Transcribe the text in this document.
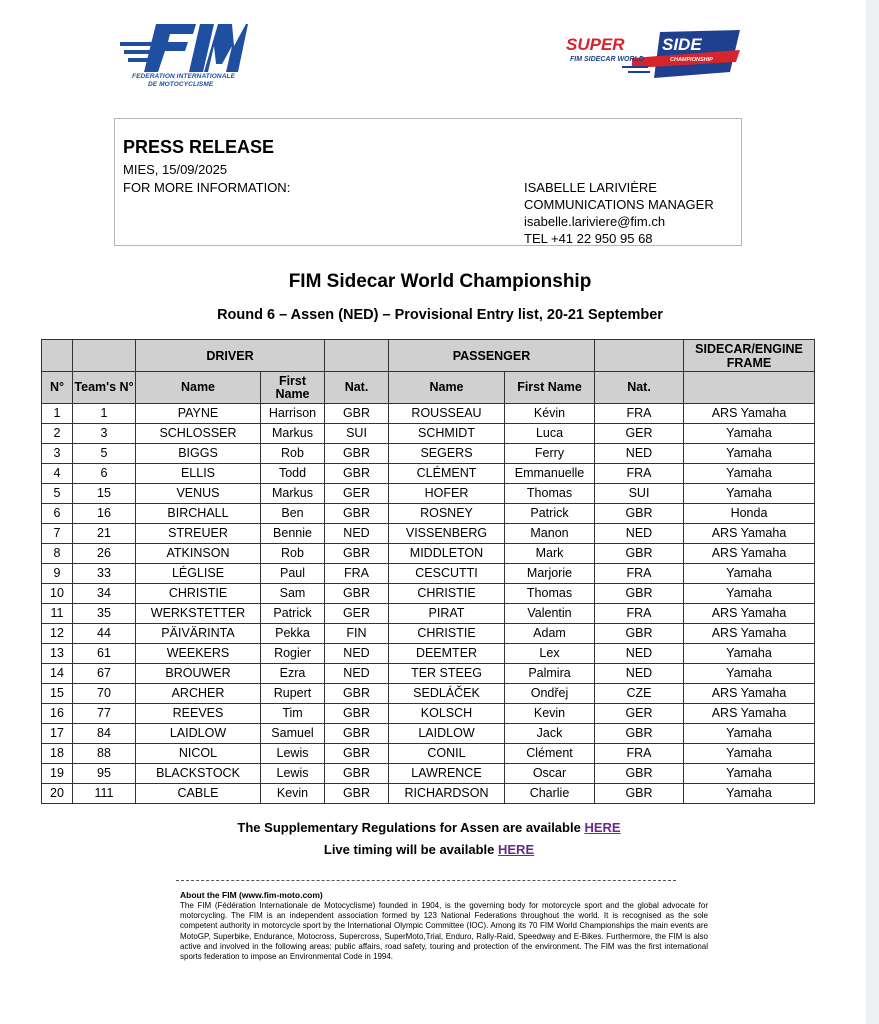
FEDERATION INTERNATIONALE
DE MOTOCYCLISME
SUPER SIDE
FIM SIDECAR WORLD	CHAMPIONSHIP
PRESS RELEASE
MIES, 15/09/2025
FOR MORE INFORMATION:	ISABELLE LARIVIÈRE
COMMUNICATIONS MANAGER
isabelle.lariviere@fim.ch
TEL +41 22 950 95 68
FIM Sidecar World Championship
Round 6 – Assen (NED) – Provisional Entry list, 20-21 September
		DRIVER			PASSENGER			SIDECAR/ENGINE FRAME
N°	Team's N°	Name	First Name	Nat.	Name	First Name	Nat.	
1	1	PAYNE	Harrison	GBR	ROUSSEAU	Kévin	FRA	ARS Yamaha
2	3	SCHLOSSER	Markus	SUI	SCHMIDT	Luca	GER	Yamaha
3	5	BIGGS	Rob	GBR	SEGERS	Ferry	NED	Yamaha
4	6	ELLIS	Todd	GBR	CLÉMENT	Emmanuelle	FRA	Yamaha
5	15	VENUS	Markus	GER	HOFER	Thomas	SUI	Yamaha
6	16	BIRCHALL	Ben	GBR	ROSNEY	Patrick	GBR	Honda
7	21	STREUER	Bennie	NED	VISSENBERG	Manon	NED	ARS Yamaha
8	26	ATKINSON	Rob	GBR	MIDDLETON	Mark	GBR	ARS Yamaha
9	33	LÉGLISE	Paul	FRA	CESCUTTI	Marjorie	FRA	Yamaha
10	34	CHRISTIE	Sam	GBR	CHRISTIE	Thomas	GBR	Yamaha
11	35	WERKSTETTER	Patrick	GER	PIRAT	Valentin	FRA	ARS Yamaha
12	44	PÄIVÄRINTA	Pekka	FIN	CHRISTIE	Adam	GBR	ARS Yamaha
13	61	WEEKERS	Rogier	NED	DEEMTER	Lex	NED	Yamaha
14	67	BROUWER	Ezra	NED	TER STEEG	Palmira	NED	Yamaha
15	70	ARCHER	Rupert	GBR	SEDLÁČEK	Ondřej	CZE	ARS Yamaha
16	77	REEVES	Tim	GBR	KOLSCH	Kevin	GER	ARS Yamaha
17	84	LAIDLOW	Samuel	GBR	LAIDLOW	Jack	GBR	Yamaha
18	88	NICOL	Lewis	GBR	CONIL	Clément	FRA	Yamaha
19	95	BLACKSTOCK	Lewis	GBR	LAWRENCE	Oscar	GBR	Yamaha
20	111	CABLE	Kevin	GBR	RICHARDSON	Charlie	GBR	Yamaha
The Supplementary Regulations for Assen are available HERE
Live timing will be available HERE
About the FIM (www.fim-moto.com)
The FIM (Fédération Internationale de Motocyclisme) founded in 1904, is the governing body for motorcycle sport and the global advocate for motorcycling. The FIM is an independent association formed by 123 National Federations throughout the world. It is recognised as the sole competent authority in motorcycle sport by the International Olympic Committee (IOC). Among its 70 FIM World Championships the main events are MotoGP, Superbike, Endurance, Motocross, Supercross, SuperMoto,Trial, Enduro, Rally-Raid, Speedway and E-Bikes. Furthermore, the FIM is also active and involved in the following areas: public affairs, road safety, touring and protection of the environment. The FIM was the first international sports federation to impose an Environmental Code in 1994.
